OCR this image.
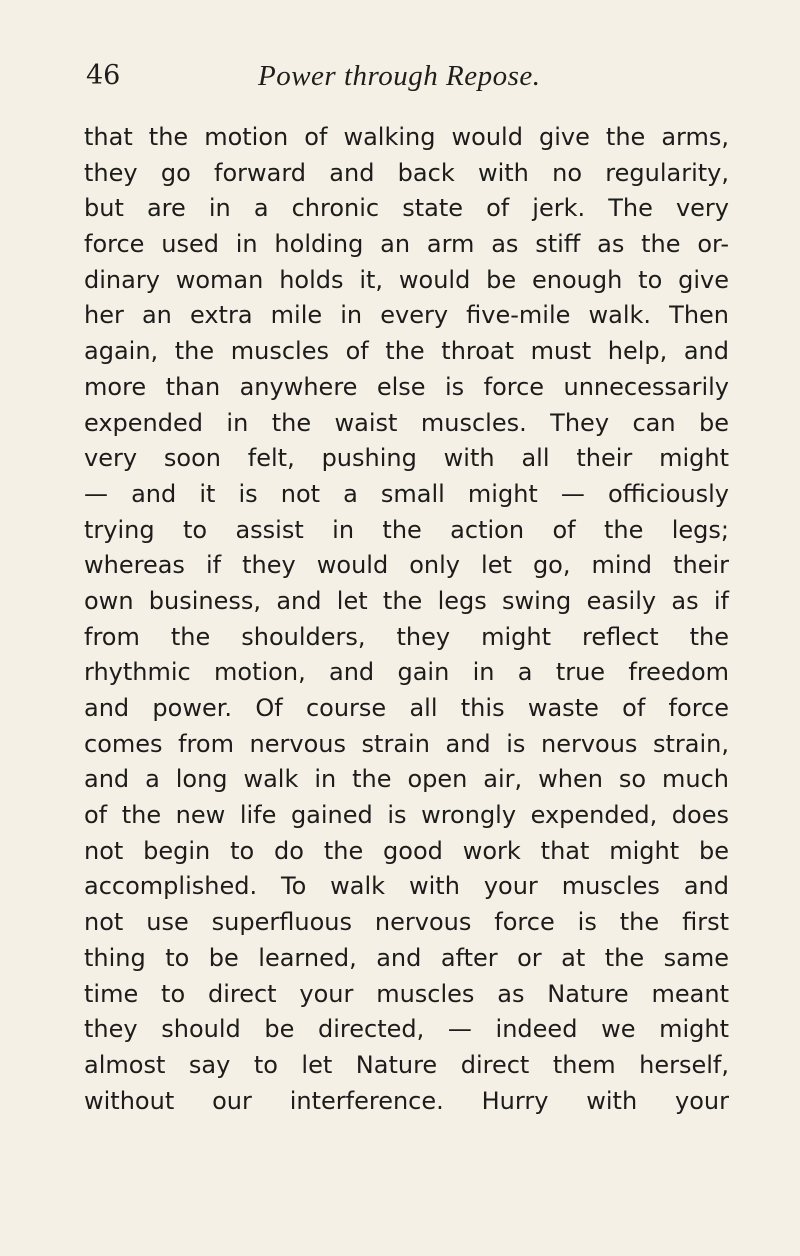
46	Power through Repose.
that the motion of walking would give the arms,
they go forward and back with no regularity,
but are in a chronic state of jerk. The very
force used in holding an arm as stiff as the or-
dinary woman holds it, would be enough to give
her an extra mile in every five-mile walk. Then
again, the muscles of the throat must help, and
more than anywhere else is force unnecessarily
expended in the waist muscles. They can be
very soon felt, pushing with all their might
— and it is not a small might — officiously
trying to assist in the action of the legs;
whereas if they would only let go, mind their
own business, and let the legs swing easily as if
from the shoulders, they might reflect the
rhythmic motion, and gain in a true freedom
and power. Of course all this waste of force
comes from nervous strain and is nervous strain,
and a long walk in the open air, when so much
of the new life gained is wrongly expended, does
not begin to do the good work that might be
accomplished. To walk with your muscles and
not use superfluous nervous force is the first
thing to be learned, and after or at the same
time to direct your muscles as Nature meant
they should be directed, — indeed we might
almost say to let Nature direct them herself,
without our interference. Hurry with your
